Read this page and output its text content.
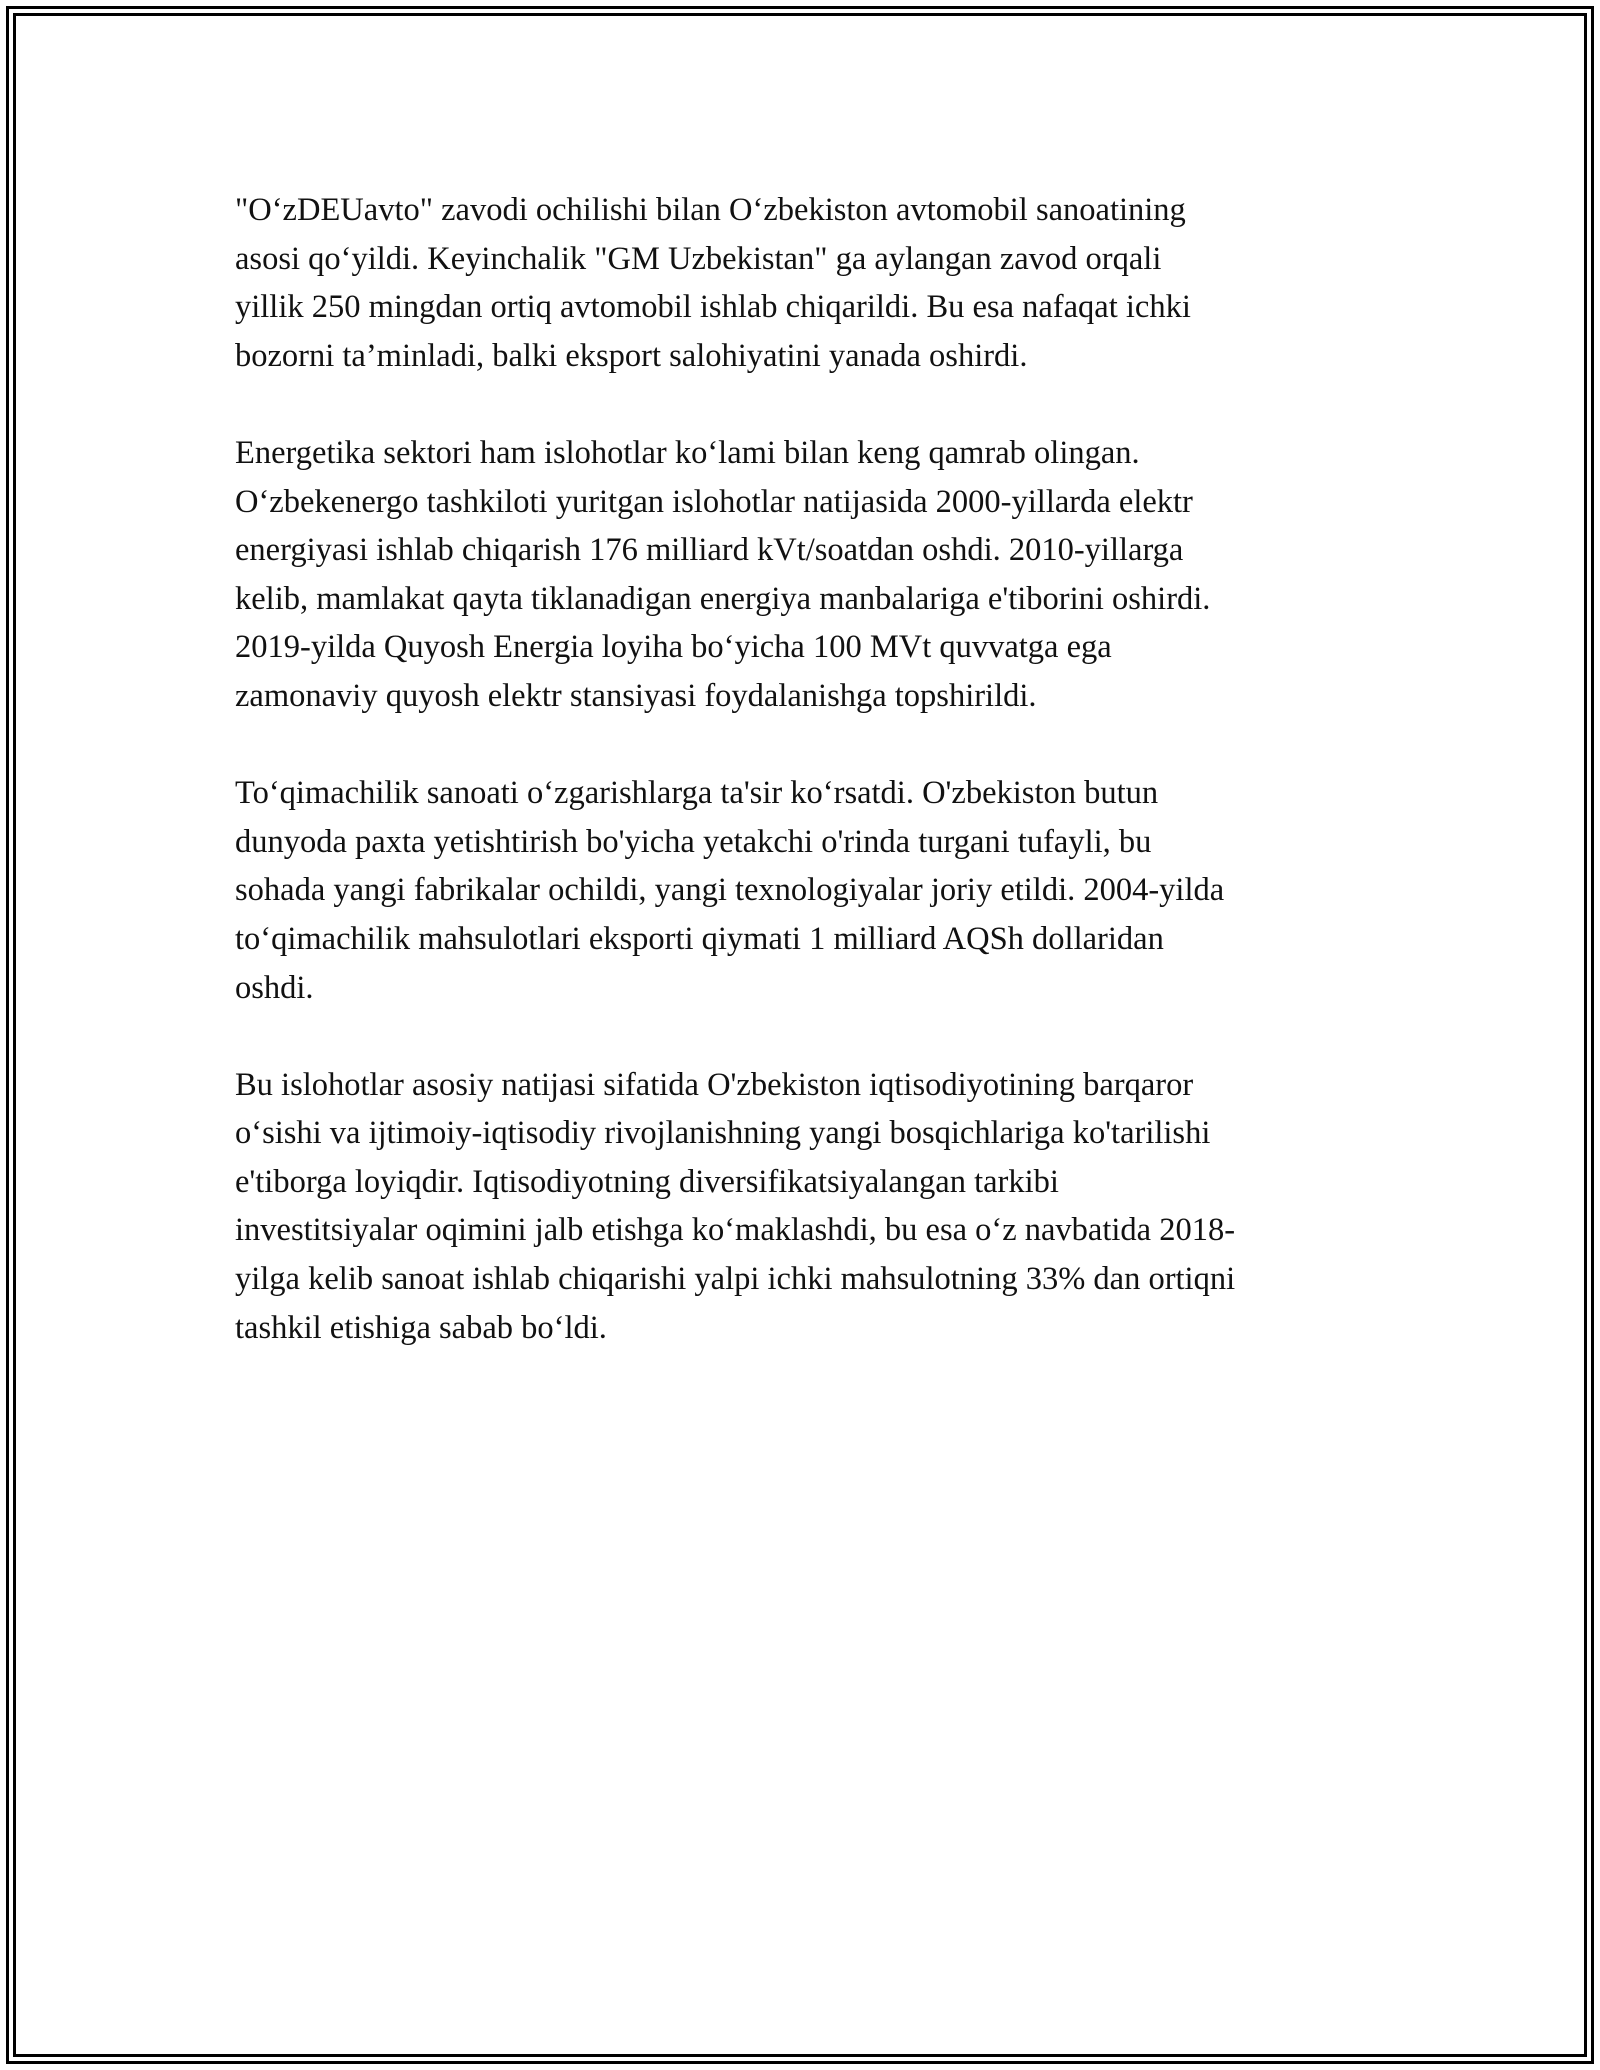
"O‘zDEUavto" zavodi ochilishi bilan O‘zbekiston avtomobil sanoatining
asosi qo‘yildi. Keyinchalik "GM Uzbekistan" ga aylangan zavod orqali
yillik 250 mingdan ortiq avtomobil ishlab chiqarildi. Bu esa nafaqat ichki
bozorni ta’minladi, balki eksport salohiyatini yanada oshirdi.

Energetika sektori ham islohotlar ko‘lami bilan keng qamrab olingan.
O‘zbekenergo tashkiloti yuritgan islohotlar natijasida 2000-yillarda elektr
energiyasi ishlab chiqarish 176 milliard kVt/soatdan oshdi. 2010-yillarga
kelib, mamlakat qayta tiklanadigan energiya manbalariga e'tiborini oshirdi.
2019-yilda Quyosh Energia loyiha bo‘yicha 100 MVt quvvatga ega
zamonaviy quyosh elektr stansiyasi foydalanishga topshirildi.

To‘qimachilik sanoati o‘zgarishlarga ta'sir ko‘rsatdi. O'zbekiston butun
dunyoda paxta yetishtirish bo'yicha yetakchi o'rinda turgani tufayli, bu
sohada yangi fabrikalar ochildi, yangi texnologiyalar joriy etildi. 2004-yilda
to‘qimachilik mahsulotlari eksporti qiymati 1 milliard AQSh dollaridan
oshdi.

Bu islohotlar asosiy natijasi sifatida O'zbekiston iqtisodiyotining barqaror
o‘sishi va ijtimoiy-iqtisodiy rivojlanishning yangi bosqichlariga ko'tarilishi
e'tiborga loyiqdir. Iqtisodiyotning diversifikatsiyalangan tarkibi
investitsiyalar oqimini jalb etishga ko‘maklashdi, bu esa o‘z navbatida 2018-
yilga kelib sanoat ishlab chiqarishi yalpi ichki mahsulotning 33% dan ortiqni
tashkil etishiga sabab bo‘ldi.
